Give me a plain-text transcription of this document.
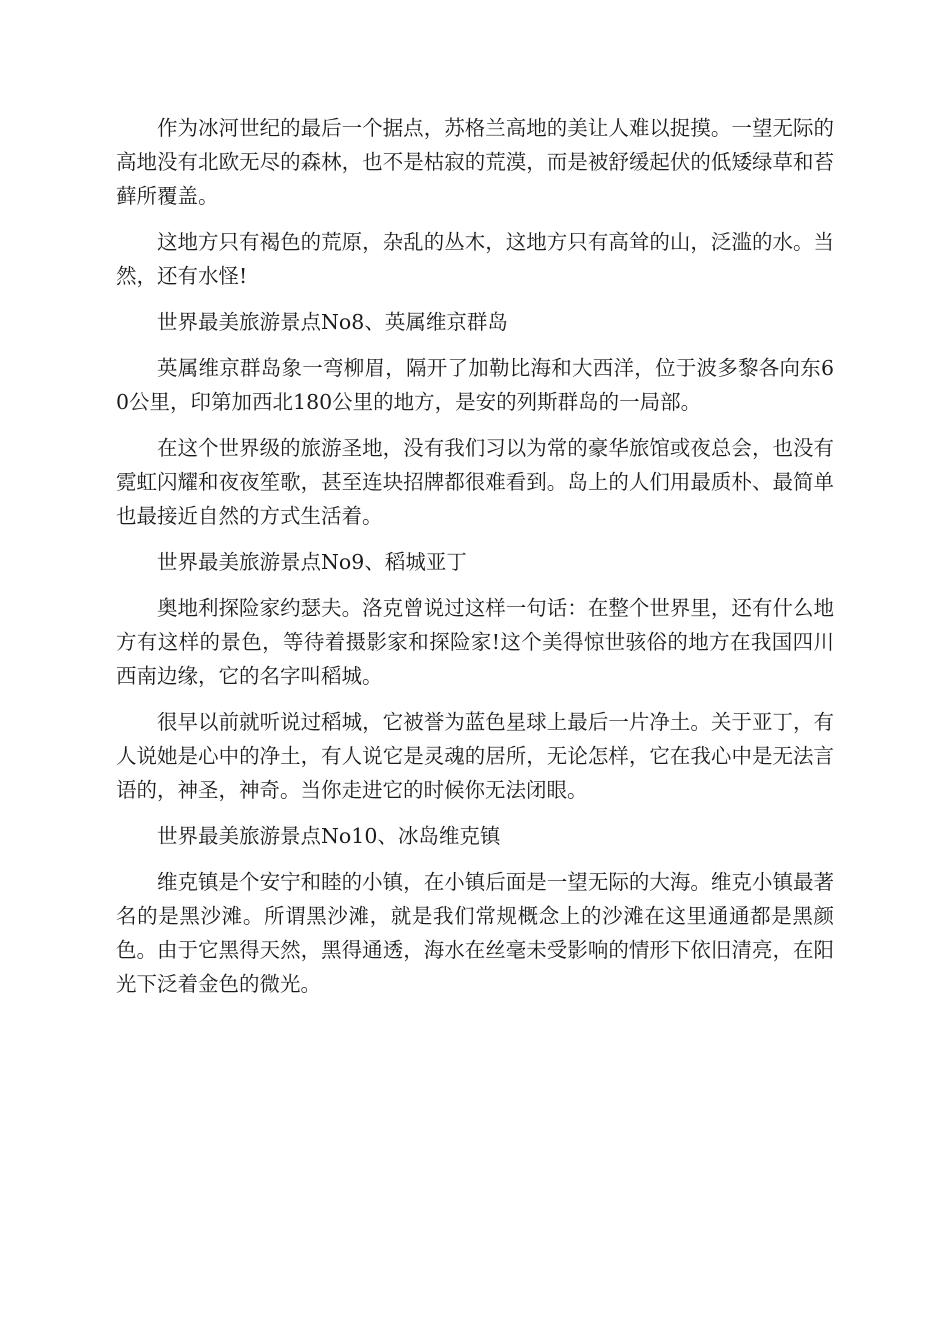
作为冰河世纪的最后一个据点，苏格兰高地的美让人难以捉摸。一望无际的高地没有北欧无尽的森林，也不是枯寂的荒漠，而是被舒缓起伏的低矮绿草和苔藓所覆盖。

这地方只有褐色的荒原，杂乱的丛木，这地方只有高耸的山，泛滥的水。当然，还有水怪!

世界最美旅游景点No8、英属维京群岛

英属维京群岛象一弯柳眉，隔开了加勒比海和大西洋，位于波多黎各向东60公里，印第加西北180公里的地方，是安的列斯群岛的一局部。

在这个世界级的旅游圣地，没有我们习以为常的豪华旅馆或夜总会，也没有霓虹闪耀和夜夜笙歌，甚至连块招牌都很难看到。岛上的人们用最质朴、最简单也最接近自然的方式生活着。

世界最美旅游景点No9、稻城亚丁

奥地利探险家约瑟夫。洛克曾说过这样一句话：在整个世界里，还有什么地方有这样的景色，等待着摄影家和探险家!这个美得惊世骇俗的地方在我国四川西南边缘，它的名字叫稻城。

很早以前就听说过稻城，它被誉为蓝色星球上最后一片净土。关于亚丁，有人说她是心中的净土，有人说它是灵魂的居所，无论怎样，它在我心中是无法言语的，神圣，神奇。当你走进它的时候你无法闭眼。

世界最美旅游景点No10、冰岛维克镇

维克镇是个安宁和睦的小镇，在小镇后面是一望无际的大海。维克小镇最著名的是黑沙滩。所谓黑沙滩，就是我们常规概念上的沙滩在这里通通都是黑颜色。由于它黑得天然，黑得通透，海水在丝毫未受影响的情形下依旧清亮，在阳光下泛着金色的微光。
